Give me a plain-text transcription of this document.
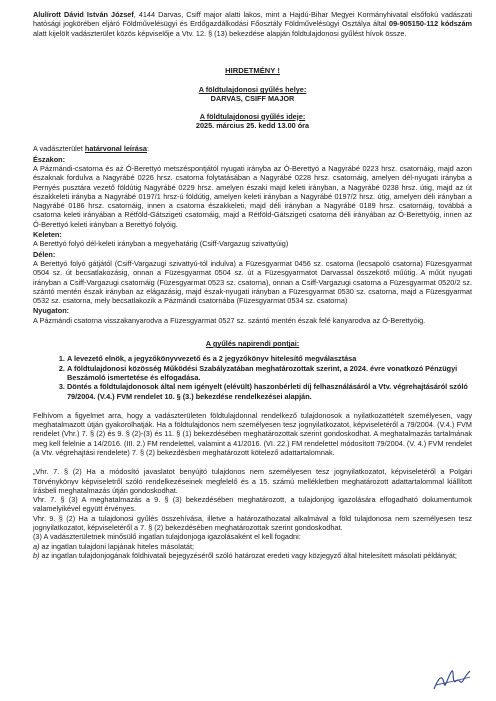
Alulírott Dávid István József, 4144 Darvas, Csiff major alatti lakos, mint a Hajdú-Bihar Megyei Kormányhivatal elsőfokú vadászati hatósági jogkörében eljáró Földművelésügyi és Erdőgazdálkodási Főosztály Földművelésügyi Osztálya által 09-905150-112 kódszám alatt kijelölt vadászterület közös képviselője a Vtv. 12. § (13) bekezdése alapján földtulajdonosi gyűlést hívok össze.

HIRDETMÉNY !

A földtulajdonosi gyűlés helye:

DARVAS, CSIFF MAJOR

A földtulajdonosi gyűlés ideje:

2025. március 25. kedd 13.00 óra

A vadászterület határvonal leírása:

Északon:

A Pázmándi-csatorna és az Ó-Berettyó metszéspontjától nyugati irányba az Ó-Berettyó a Nagyrábé 0223 hrsz. csatornáig, majd azon északnak fordulva a Nagyrábé 0226 hrsz. csatorna folytatásában a Nagyrábé 0228 hrsz. csatornáig, amelyen dél-nyugati irányba a Pernyés pusztára vezető földútig Nagyrábé 0229 hrsz. amelyen északi majd keleti irányban, a Nagyrábé 0238 hrsz. útig, majd az út északkeleti irányba a Nagyrábé 0197/1 hrsz-ú földútig, amelyen keleti irányban a Nagyrábé 0197/2 hrsz. útig, amelyen déli irányban a Nagyrábé 0186 hrsz. csatornáig, innen a csatorna északkeleti, majd déli irányban a Nagyrábé 0189 hrsz. csatornáig, továbbá a csatorna keleti irányában a Rétföld-Gátszigeti csatornáig, majd a Rétföld-Gátszigeti csatorna déli irányában az Ó-Berettyóig, innen az Ó-Berettyó keleti irányban a Berettyó folyóig.

Keleten:

A Berettyó folyó dél-keleti irányban a megyehatárig (Csiff-Vargazug szivattyúig)

Délen:

A Berettyó folyó gátjától (Csiff-Vargazugi szivattyú-tól indulva) a Füzesgyarmat 0456 sz. csatorna (lecsapoló csatorna) Füzesgyarmat 0504 sz. út becsatlakozásig, onnan a Füzesgyarmat 0504 sz. út a Füzesgyarmatot Darvassal összekötő műútig. A műút nyugati irányban a Csiff-Vargazugi csatornáig (Füzesgyarmat 0523 sz. csatorna), onnan a Csiff-Vargazugi csatorna a Füzesgyarmat 0520/2 sz. szántó mentén észak irányban az elágazásig, majd észak-nyugati irányban a Füzesgyarmat 0530 sz. csatorna, majd a Füzesgyarmat 0532 sz. csatorna, mely becsatlakozik a Pázmándi csatornába (Füzesgyarmat 0534 sz. csatorna)

Nyugaton:

A Pázmándi csatorna visszakanyarodva a Füzesgyarmat 0527 sz. szántó mentén észak felé kanyarodva az Ó-Berettyóig.

A gyűlés napirendi pontjai:

1. A levezető elnök, a jegyzőkönyvvezető és a 2 jegyzőkönyv hitelesítő megválasztása
2. A földtulajdonosi közösség Működési Szabályzatában meghatározottak szerint, a 2024. évre vonatkozó Pénzügyi Beszámoló ismertetése és elfogadása.
3. Döntés a földtulajdonosok által nem igényelt (elévült) haszonbérleti díj felhasználásáról a Vtv. végrehajtásáról szóló 79/2004. (V.4.) FVM rendelet 10. § (3.) bekezdése rendelkezései alapján.

Felhívom a figyelmet arra, hogy a vadászterületen földtulajdonnal rendelkező tulajdonosok a nyilatkozattételt személyesen, vagy meghatalmazott útján gyakorolhatják. Ha a földtulajdonos nem személyesen tesz jognyilatkozatot, képviseletéről a 79/2004. (V.4.) FVM rendelet (Vhr.) 7. § (2) és 9. § (2)-(3) és 11. § (1) bekezdésében meghatározottak szerint gondoskodhat. A meghatalmazás tartalmának meg kell felelnie a 14/2016. (III. 2.) FM rendelettel, valamint a 41/2016. (VI. 22.) FM rendelettel módosított 79/2004. (V. 4.) FVM rendelet (a Vtv. végrehajtási rendelete) 7. § (2) bekezdésben meghatározott kötelező adattartalomnak.

„Vhr. 7. § (2) Ha a módosító javaslatot benyújtó tulajdonos nem személyesen tesz jognyilatkozatot, képviseletéről a Polgári Törvénykönyv képviseletről szóló rendelkezéseinek megfelelő és a 15. számú mellékletben meghatározott adattartalommal kiállított írásbeli meghatalmazás útján gondoskodhat.

Vhr. 7. § (3) A meghatalmazás a 9. § (3) bekezdésében meghatározott, a tulajdonjog igazolására elfogadható dokumentumok valamelyikével együtt érvényes.

Vhr. 9. § (2) Ha a tulajdonosi gyűlés összehívása, illetve a határozathozatal alkalmával a föld tulajdonosa nem személyesen tesz jognyilatkozatot, képviseletéről a 7. § (2) bekezdésében meghatározottak szerint gondoskodhat.

(3) A vadászterületnek minősülő ingatlan tulajdonjoga igazolásaként el kell fogadni:

a) az ingatlan tulajdoni lapjának hiteles másolatát;

b) az ingatlan tulajdonjogának földhivatali bejegyzéséről szóló határozat eredeti vagy közjegyző által hitelesített másolati példányát;
